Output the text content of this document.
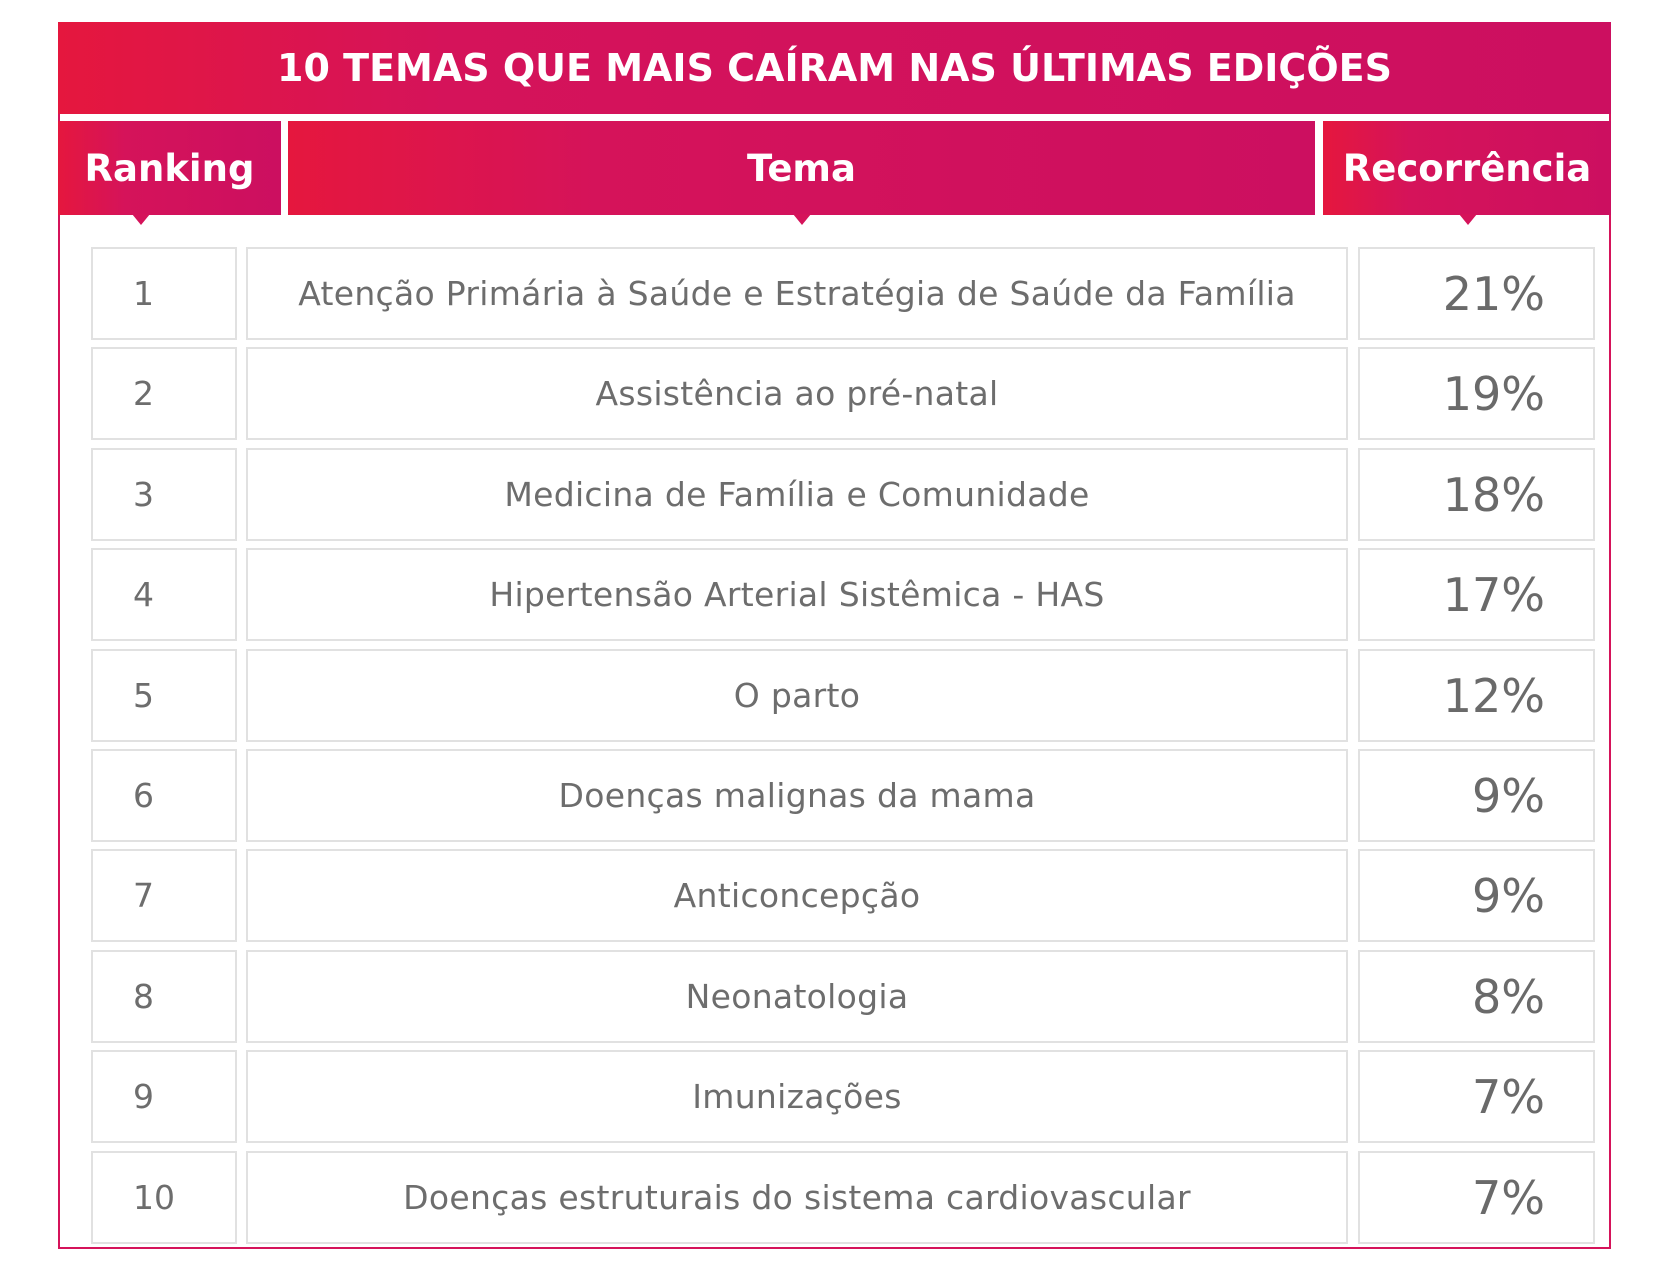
10 TEMAS QUE MAIS CAÍRAM NAS ÚLTIMAS EDIÇÕES
Ranking	Tema	Recorrência
1	Atenção Primária à Saúde e Estratégia de Saúde da Família	21%
2	Assistência ao pré-natal	19%
3	Medicina de Família e Comunidade	18%
4	Hipertensão Arterial Sistêmica - HAS	17%
5	O parto	12%
6	Doenças malignas da mama	9%
7	Anticoncepção	9%
8	Neonatologia	8%
9	Imunizações	7%
10	Doenças estruturais do sistema cardiovascular	7%
